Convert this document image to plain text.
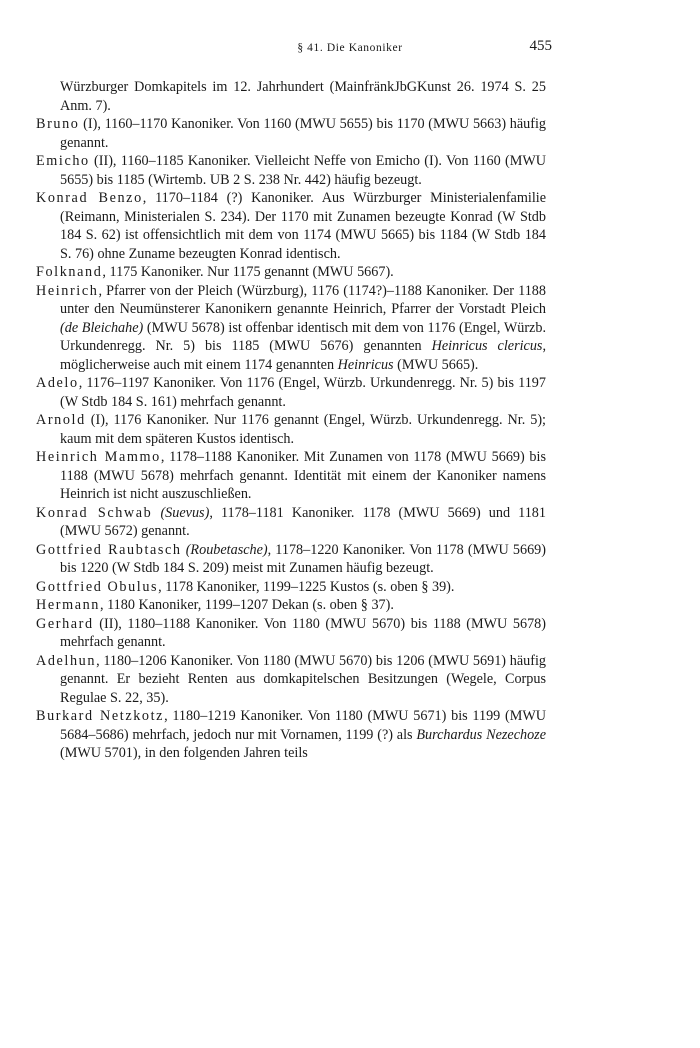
§ 41. Die Kanoniker	455

Würzburger Domkapitels im 12. Jahrhundert (MainfränkJbGKunst 26. 1974 S. 25 Anm. 7).

Bruno (I), 1160–1170 Kanoniker. Von 1160 (MWU 5655) bis 1170 (MWU 5663) häufig genannt.

Emicho (II), 1160–1185 Kanoniker. Vielleicht Neffe von Emicho (I). Von 1160 (MWU 5655) bis 1185 (Wirtemb. UB 2 S. 238 Nr. 442) häufig bezeugt.

Konrad Benzo, 1170–1184 (?) Kanoniker. Aus Würzburger Ministerialenfamilie (Reimann, Ministerialen S. 234). Der 1170 mit Zunamen bezeugte Konrad (W Stdb 184 S. 62) ist offensichtlich mit dem von 1174 (MWU 5665) bis 1184 (W Stdb 184 S. 76) ohne Zuname bezeugten Konrad identisch.

Folknand, 1175 Kanoniker. Nur 1175 genannt (MWU 5667).

Heinrich, Pfarrer von der Pleich (Würzburg), 1176 (1174?)–1188 Kanoniker. Der 1188 unter den Neumünsterer Kanonikern genannte Heinrich, Pfarrer der Vorstadt Pleich (de Bleichahe) (MWU 5678) ist offenbar identisch mit dem von 1176 (Engel, Würzb. Urkundenregg. Nr. 5) bis 1185 (MWU 5676) genannten Heinricus clericus, möglicherweise auch mit einem 1174 genannten Heinricus (MWU 5665).

Adelo, 1176–1197 Kanoniker. Von 1176 (Engel, Würzb. Urkundenregg. Nr. 5) bis 1197 (W Stdb 184 S. 161) mehrfach genannt.

Arnold (I), 1176 Kanoniker. Nur 1176 genannt (Engel, Würzb. Urkundenregg. Nr. 5); kaum mit dem späteren Kustos identisch.

Heinrich Mammo, 1178–1188 Kanoniker. Mit Zunamen von 1178 (MWU 5669) bis 1188 (MWU 5678) mehrfach genannt. Identität mit einem der Kanoniker namens Heinrich ist nicht auszuschließen.

Konrad Schwab (Suevus), 1178–1181 Kanoniker. 1178 (MWU 5669) und 1181 (MWU 5672) genannt.

Gottfried Raubtasch (Roubetasche), 1178–1220 Kanoniker. Von 1178 (MWU 5669) bis 1220 (W Stdb 184 S. 209) meist mit Zunamen häufig bezeugt.

Gottfried Obulus, 1178 Kanoniker, 1199–1225 Kustos (s. oben § 39).

Hermann, 1180 Kanoniker, 1199–1207 Dekan (s. oben § 37).

Gerhard (II), 1180–1188 Kanoniker. Von 1180 (MWU 5670) bis 1188 (MWU 5678) mehrfach genannt.

Adelhun, 1180–1206 Kanoniker. Von 1180 (MWU 5670) bis 1206 (MWU 5691) häufig genannt. Er bezieht Renten aus domkapitelschen Besitzungen (Wegele, Corpus Regulae S. 22, 35).

Burkard Netzkotz, 1180–1219 Kanoniker. Von 1180 (MWU 5671) bis 1199 (MWU 5684–5686) mehrfach, jedoch nur mit Vornamen, 1199 (?) als Burchardus Nezechoze (MWU 5701), in den folgenden Jahren teils
